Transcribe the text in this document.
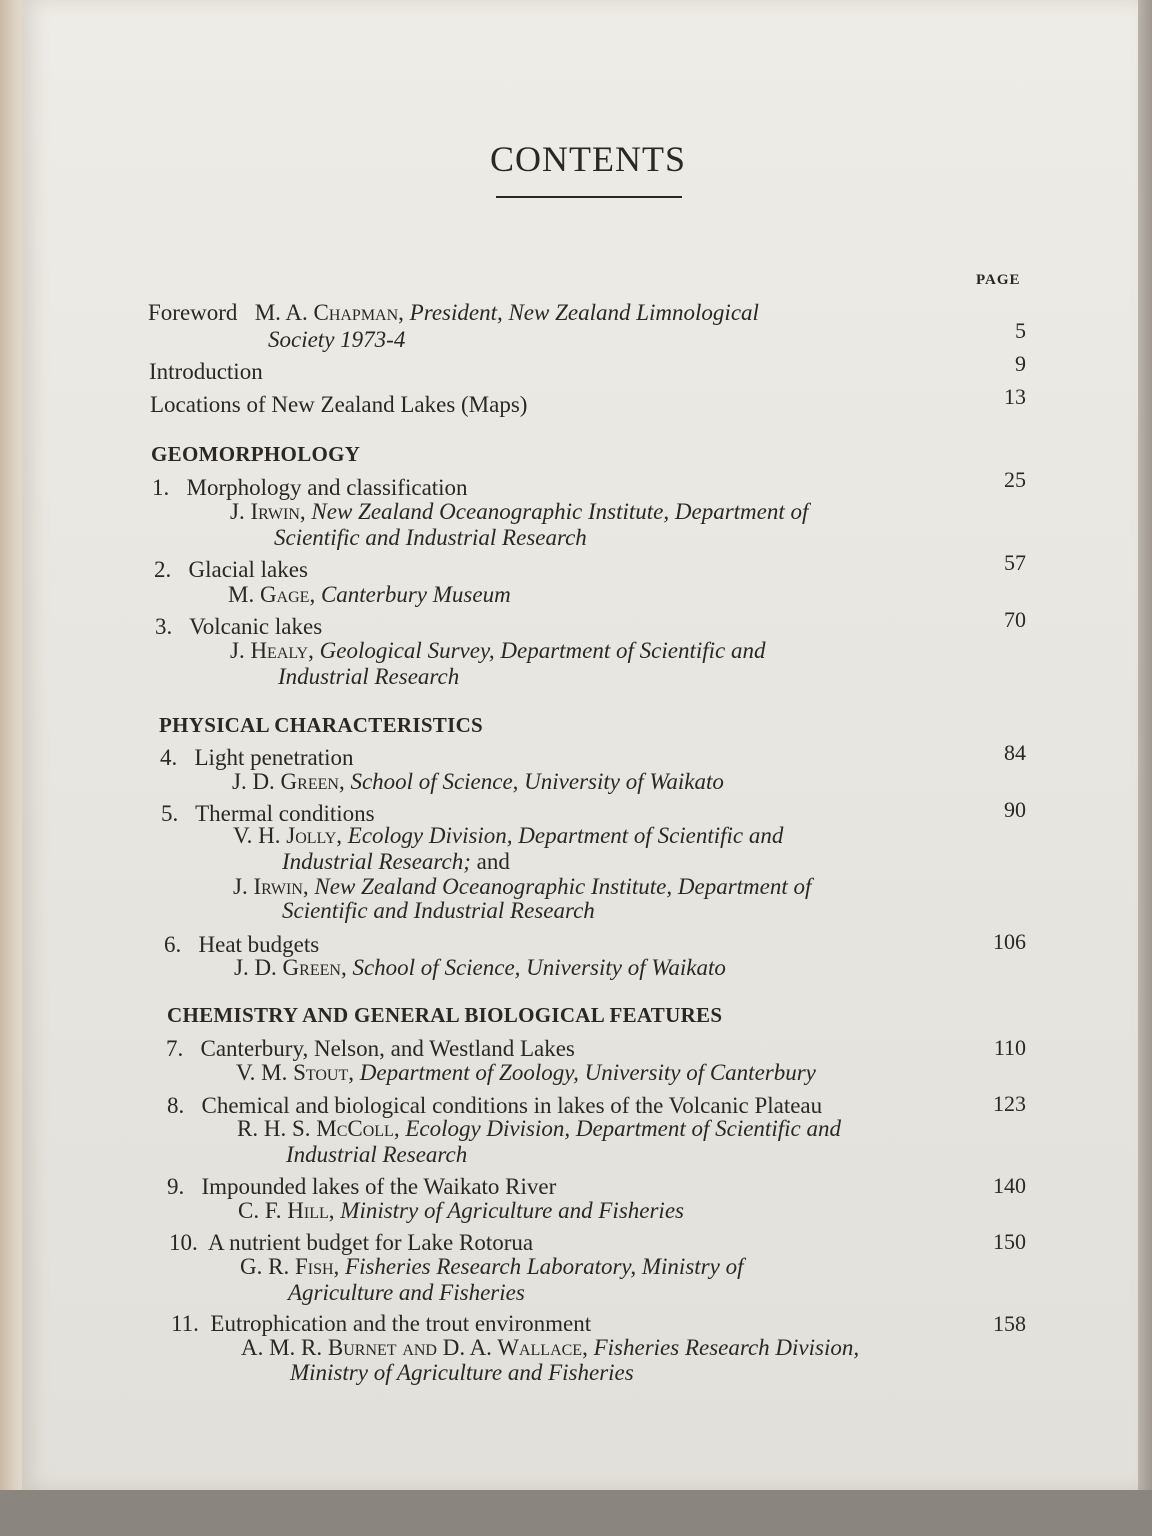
CONTENTS
PAGE
Foreword M. A. Chapman, President, New Zealand Limnological
Society 1973-4	5
Introduction	9
Locations of New Zealand Lakes (Maps)	13
GEOMORPHOLOGY
1. Morphology and classification	25
J. Irwin, New Zealand Oceanographic Institute, Department of
Scientific and Industrial Research
2. Glacial lakes	57
M. Gage, Canterbury Museum
3. Volcanic lakes	70
J. Healy, Geological Survey, Department of Scientific and
Industrial Research
PHYSICAL CHARACTERISTICS
4. Light penetration	84
J. D. Green, School of Science, University of Waikato
5. Thermal conditions	90
V. H. Jolly, Ecology Division, Department of Scientific and
Industrial Research; and
J. Irwin, New Zealand Oceanographic Institute, Department of
Scientific and Industrial Research
6. Heat budgets	106
J. D. Green, School of Science, University of Waikato
CHEMISTRY AND GENERAL BIOLOGICAL FEATURES
7. Canterbury, Nelson, and Westland Lakes	110
V. M. Stout, Department of Zoology, University of Canterbury
8. Chemical and biological conditions in lakes of the Volcanic Plateau	123
R. H. S. McColl, Ecology Division, Department of Scientific and
Industrial Research
9. Impounded lakes of the Waikato River	140
C. F. Hill, Ministry of Agriculture and Fisheries
10. A nutrient budget for Lake Rotorua	150
G. R. Fish, Fisheries Research Laboratory, Ministry of
Agriculture and Fisheries
11. Eutrophication and the trout environment	158
A. M. R. Burnet and D. A. Wallace, Fisheries Research Division,
Ministry of Agriculture and Fisheries
